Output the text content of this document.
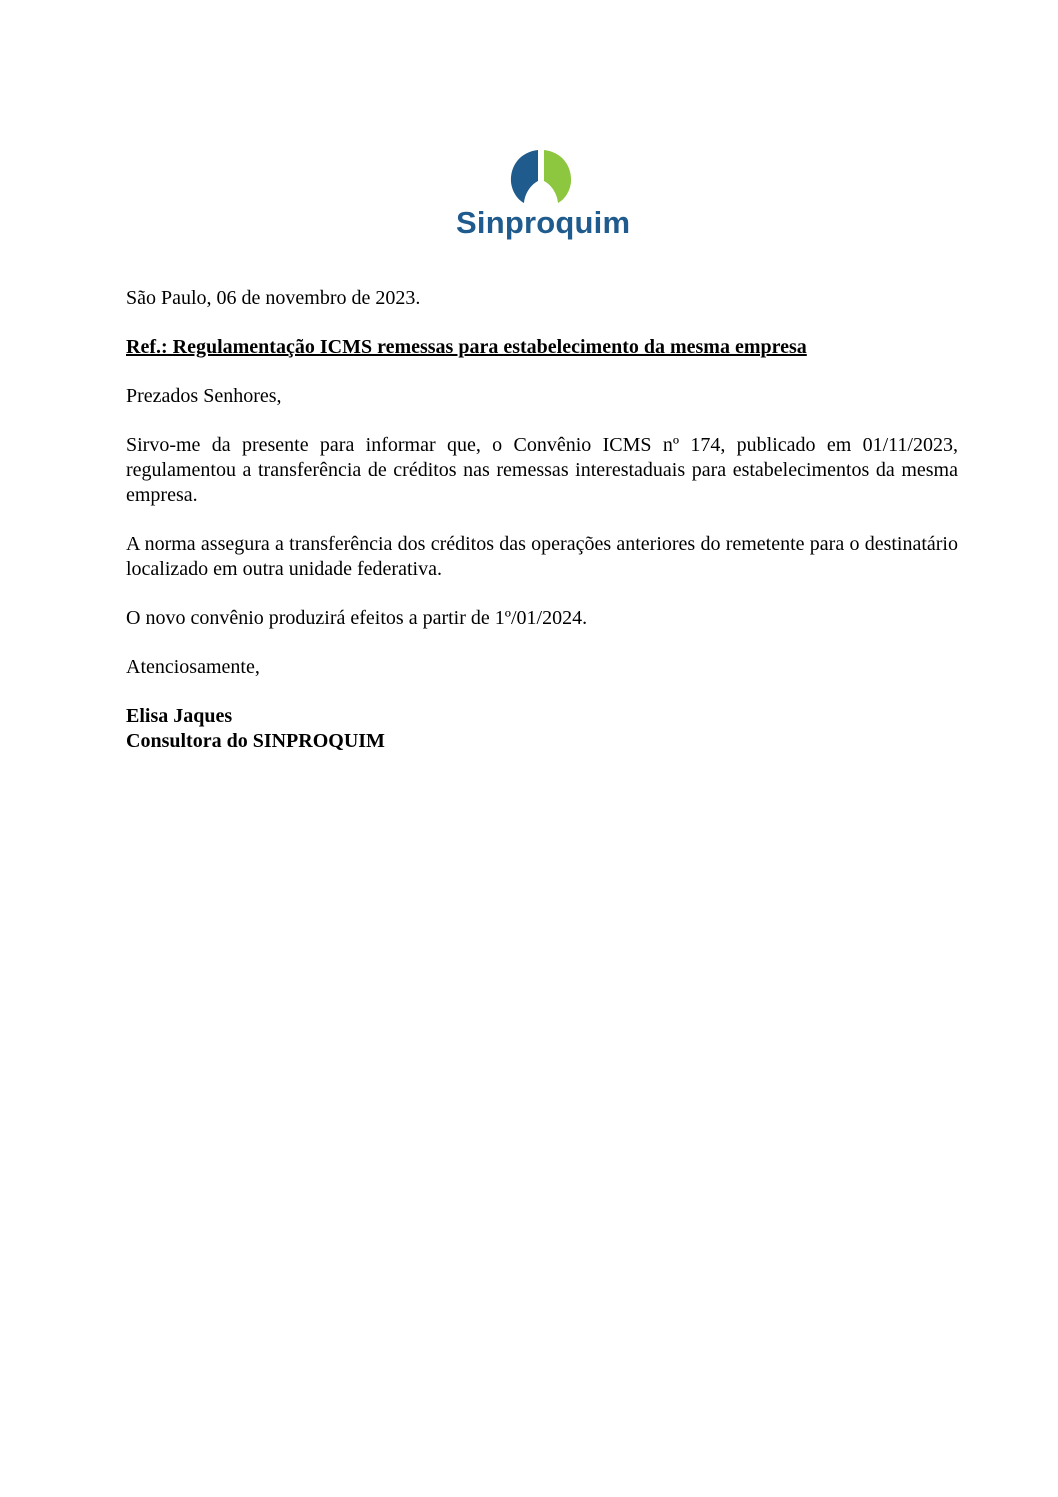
Sinproquim

São Paulo, 06 de novembro de 2023.

Ref.: Regulamentação ICMS remessas para estabelecimento da mesma empresa

Prezados Senhores,

Sirvo-me da presente para informar que, o Convênio ICMS nº 174, publicado em 01/11/2023, regulamentou a transferência de créditos nas remessas interestaduais para estabelecimentos da mesma empresa.

A norma assegura a transferência dos créditos das operações anteriores do remetente para o destinatário localizado em outra unidade federativa.

O novo convênio produzirá efeitos a partir de 1º/01/2024.

Atenciosamente,

Elisa Jaques

Consultora do SINPROQUIM
